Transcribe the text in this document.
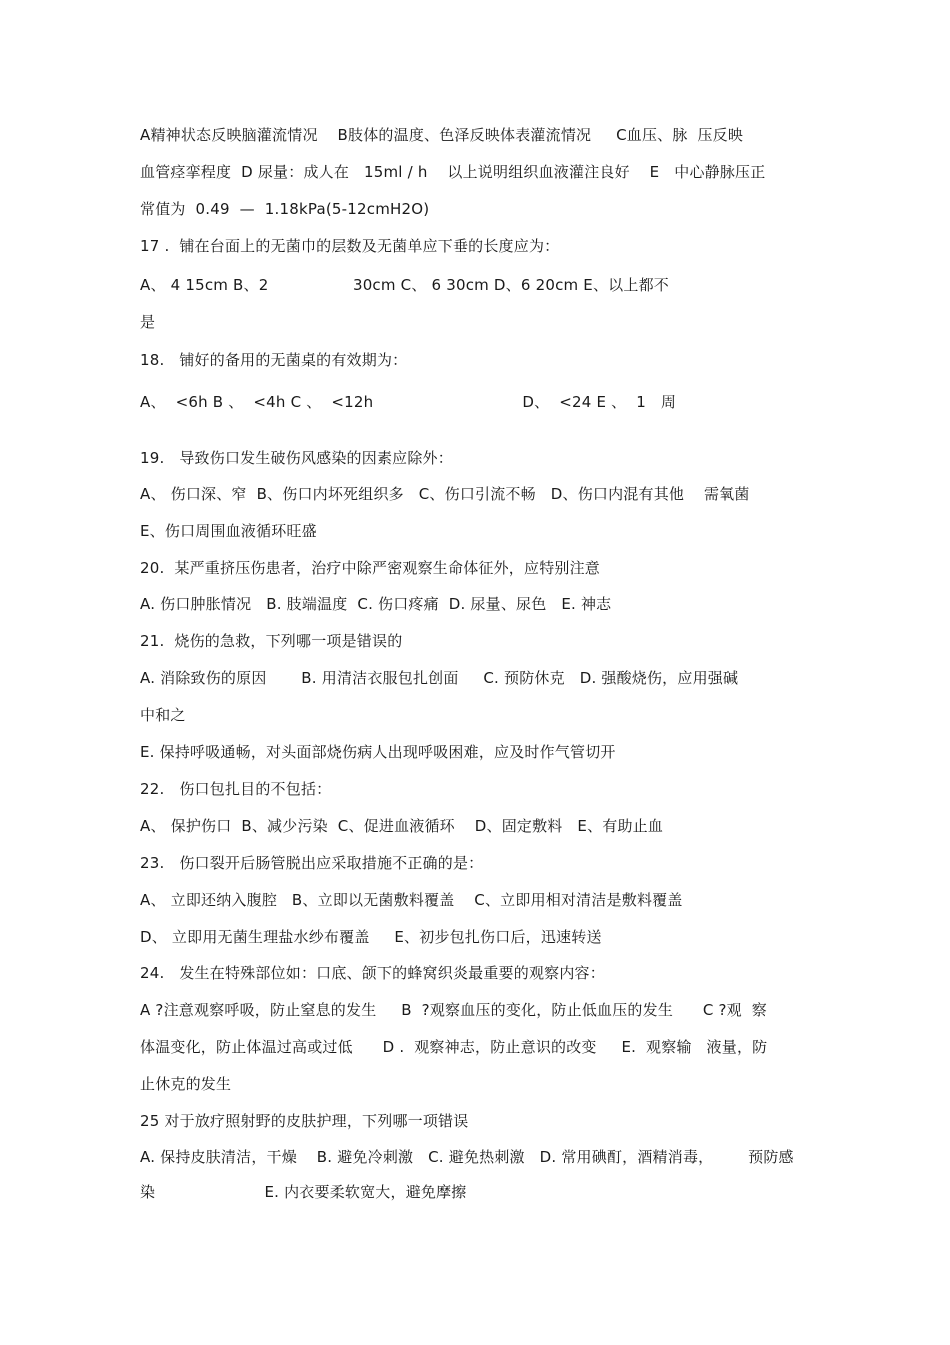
A精神状态反映脑灌流情况    B肢体的温度、色泽反映体表灌流情况     C血压、脉  压反映
血管痉挛程度  D 尿量：成人在   15ml / h    以上说明组织血液灌注良好    E   中心静脉压正
常值为  0.49  —  1.18kPa(5-12cmH2O)
17 .  铺在台面上的无菌巾的层数及无菌单应下垂的长度应为：
A、 4 15cm B、2                 30cm C、 6 30cm D、6 20cm E、以上都不
是
18.   铺好的备用的无菌桌的有效期为：
A、  <6h B 、  <4h C 、  <12h                              D、  <24 E 、  1   周
19.   导致伤口发生破伤风感染的因素应除外：
A、 伤口深、窄  B、伤口内坏死组织多   C、伤口引流不畅   D、伤口内混有其他    需氧菌
E、伤口周围血液循环旺盛
20.  某严重挤压伤患者，治疗中除严密观察生命体征外，应特别注意
A. 伤口肿胀情况   B. 肢端温度  C. 伤口疼痛  D. 尿量、尿色   E. 神志
21.  烧伤的急救，下列哪一项是错误的
A. 消除致伤的原因       B. 用清洁衣服包扎创面     C. 预防休克   D. 强酸烧伤，应用强碱
中和之
E. 保持呼吸通畅，对头面部烧伤病人出现呼吸困难，应及时作气管切开
22.   伤口包扎目的不包括：
A、 保护伤口  B、减少污染  C、促进血液循环    D、固定敷料   E、有助止血
23.   伤口裂开后肠管脱出应采取措施不正确的是：
A、 立即还纳入腹腔   B、立即以无菌敷料覆盖    C、立即用相对清洁是敷料覆盖
D、 立即用无菌生理盐水纱布覆盖     E、初步包扎伤口后，迅速转送
24.   发生在特殊部位如：口底、颌下的蜂窝织炎最重要的观察内容：
A ?注意观察呼吸，防止窒息的发生     B  ?观察血压的变化，防止低血压的发生      C ?观  察
体温变化，防止体温过高或过低      D .  观察神志，防止意识的改变     E.  观察输   液量，防
止休克的发生
25 对于放疗照射野的皮肤护理，下列哪一项错误
A. 保持皮肤清洁，干燥    B. 避免冷刺激   C. 避免热刺激   D. 常用碘酊，酒精消毒，       预防感
染                      E. 内衣要柔软宽大，避免摩擦
